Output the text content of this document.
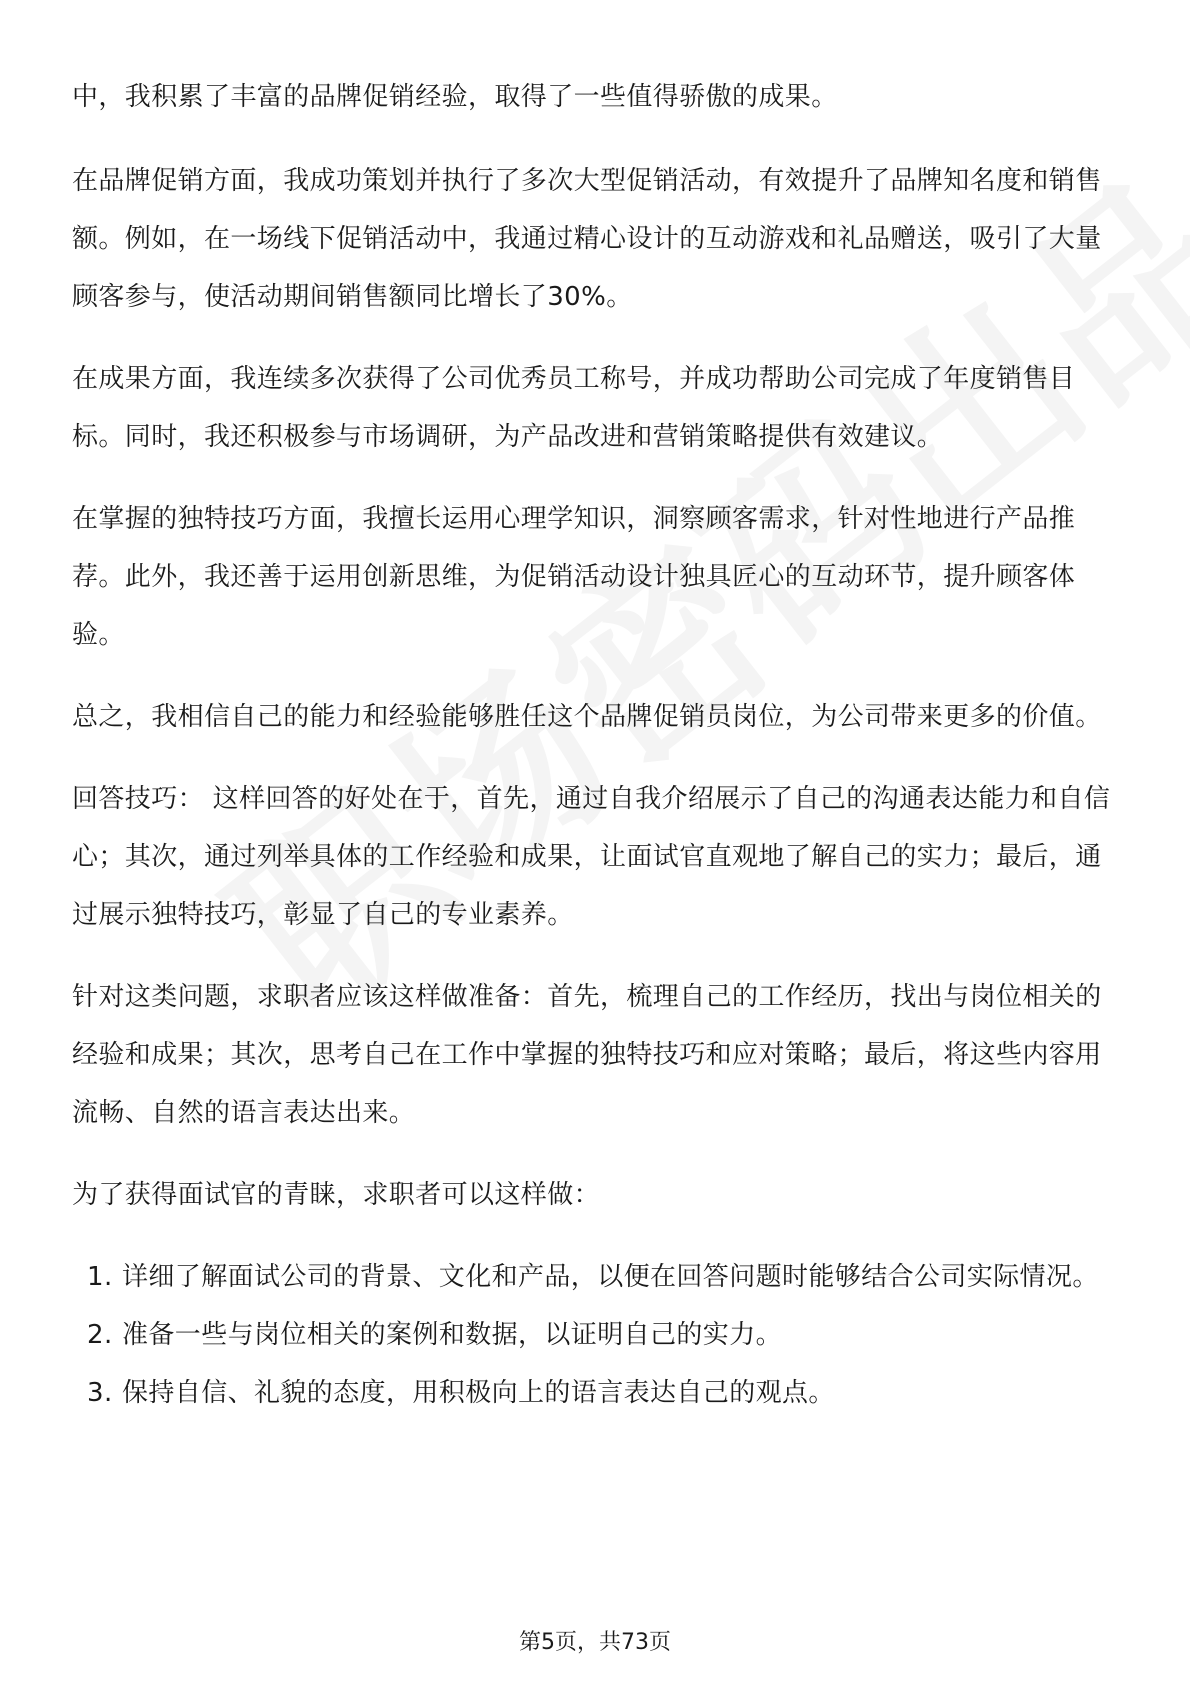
中，我积累了丰富的品牌促销经验，取得了一些值得骄傲的成果。

在品牌促销方面，我成功策划并执行了多次大型促销活动，有效提升了品牌知名度和销售额。例如，在一场线下促销活动中，我通过精心设计的互动游戏和礼品赠送，吸引了大量顾客参与，使活动期间销售额同比增长了30%。

在成果方面，我连续多次获得了公司优秀员工称号，并成功帮助公司完成了年度销售目标。同时，我还积极参与市场调研，为产品改进和营销策略提供有效建议。

在掌握的独特技巧方面，我擅长运用心理学知识，洞察顾客需求，针对性地进行产品推荐。此外，我还善于运用创新思维，为促销活动设计独具匠心的互动环节，提升顾客体验。

总之，我相信自己的能力和经验能够胜任这个品牌促销员岗位，为公司带来更多的价值。

回答技巧： 这样回答的好处在于，首先，通过自我介绍展示了自己的沟通表达能力和自信心；其次，通过列举具体的工作经验和成果，让面试官直观地了解自己的实力；最后，通过展示独特技巧，彰显了自己的专业素养。

针对这类问题，求职者应该这样做准备：首先，梳理自己的工作经历，找出与岗位相关的经验和成果；其次，思考自己在工作中掌握的独特技巧和应对策略；最后，将这些内容用流畅、自然的语言表达出来。

为了获得面试官的青睐，求职者可以这样做：

1. 详细了解面试公司的背景、文化和产品，以便在回答问题时能够结合公司实际情况。
2. 准备一些与岗位相关的案例和数据，以证明自己的实力。
3. 保持自信、礼貌的态度，用积极向上的语言表达自己的观点。
第5页，共73页
